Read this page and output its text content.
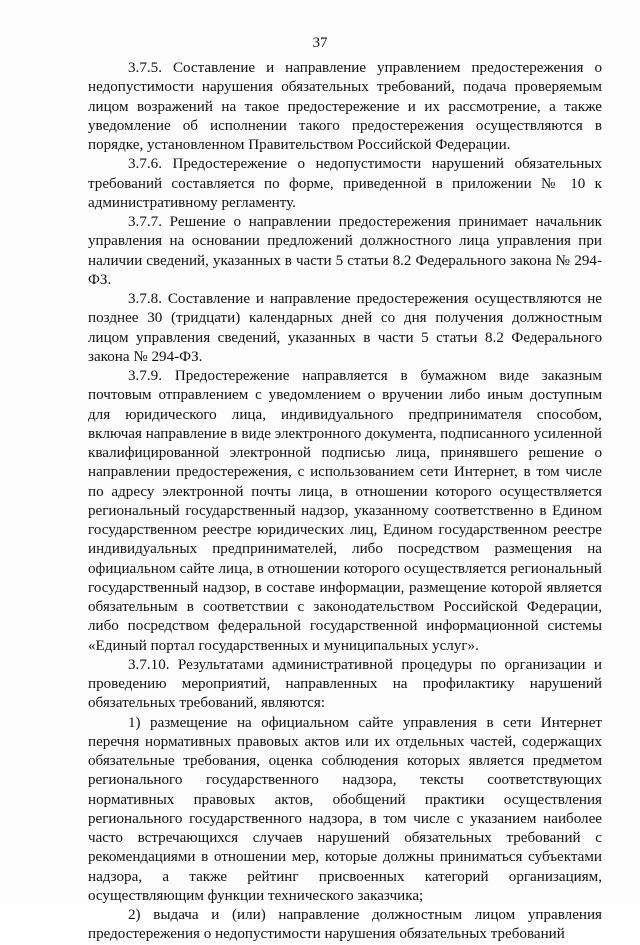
37

3.7.5. Составление и направление управлением предостережения о недопустимости нарушения обязательных требований, подача проверяемым лицом возражений на такое предостережение и их рассмотрение, а также уведомление об исполнении такого предостережения осуществляются в порядке, установленном Правительством Российской Федерации.

3.7.6. Предостережение о недопустимости нарушений обязательных требований составляется по форме, приведенной в приложении № 10 к административному регламенту.

3.7.7. Решение о направлении предостережения принимает начальник управления на основании предложений должностного лица управления при наличии сведений, указанных в части 5 статьи 8.2 Федерального закона № 294-ФЗ.

3.7.8. Составление и направление предостережения осуществляются не позднее 30 (тридцати) календарных дней со дня получения должностным лицом управления сведений, указанных в части 5 статьи 8.2 Федерального закона № 294-ФЗ.

3.7.9. Предостережение направляется в бумажном виде заказным почтовым отправлением с уведомлением о вручении либо иным доступным для юридического лица, индивидуального предпринимателя способом, включая направление в виде электронного документа, подписанного усиленной квалифицированной электронной подписью лица, принявшего решение о направлении предостережения, с использованием сети Интернет, в том числе по адресу электронной почты лица, в отношении которого осуществляется региональный государственный надзор, указанному соответственно в Едином государственном реестре юридических лиц, Едином государственном реестре индивидуальных предпринимателей, либо посредством размещения на официальном сайте лица, в отношении которого осуществляется региональный государственный надзор, в составе информации, размещение которой является обязательным в соответствии с законодательством Российской Федерации, либо посредством федеральной государственной информационной системы «Единый портал государственных и муниципальных услуг».

3.7.10. Результатами административной процедуры по организации и проведению мероприятий, направленных на профилактику нарушений обязательных требований, являются:

1) размещение на официальном сайте управления в сети Интернет перечня нормативных правовых актов или их отдельных частей, содержащих обязательные требования, оценка соблюдения которых является предметом регионального государственного надзора, тексты соответствующих нормативных правовых актов, обобщений практики осуществления регионального государственного надзора, в том числе с указанием наиболее часто встречающихся случаев нарушений обязательных требований с рекомендациями в отношении мер, которые должны приниматься субъектами надзора, а также рейтинг присвоенных категорий организациям, осуществляющим функции технического заказчика;

2) выдача и (или) направление должностным лицом управления предостережения о недопустимости нарушения обязательных требований
